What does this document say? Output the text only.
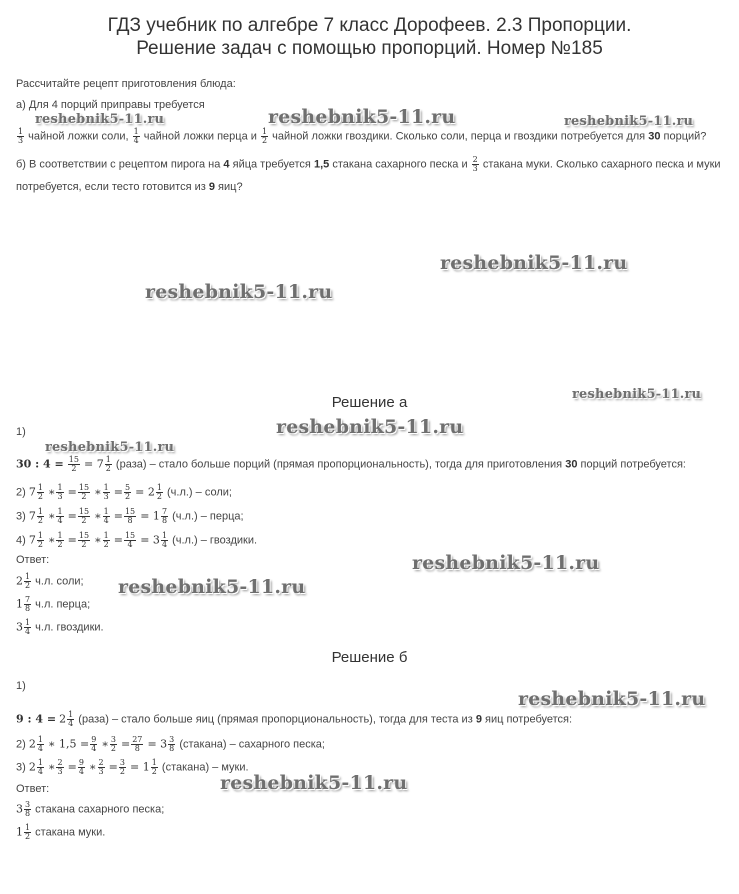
ГДЗ учебник по алгебре 7 класс Дорофеев. 2.3 Пропорции.
Решение задач с помощью пропорций. Номер №185
Рассчитайте рецепт приготовления блюда:
а) Для 4 порций приправы требуется
$\frac{1}{3}$ чайной ложки соли, $\frac{1}{4}$ чайной ложки перца и $\frac{1}{2}$ чайной ложки гвоздики. Сколько соли, перца и гвоздики потребуется для 30 порций?
б) В соответствии с рецептом пирога на 4 яйца требуется 1,5 стакана сахарного песка и $\frac{2}{3}$ стакана муки. Сколько сахарного песка и муки
потребуется, если тесто готовится из 9 яиц?
Решение а
1)
30 : $4 = \frac{15}{2} = 7 \frac{1}{2}$ (раза) – стало больше порций (прямая пропорциональность), тогда для приготовления 30 порций потребуется:
2) $7 \frac{1}{2}$ ∗ $\frac{1}{3} = \frac{15}{2}$ ∗ $\frac{1}{3} = \frac{5}{2} = 2 \frac{1}{2} (ч.л.)$ – соли;
3) $7 \frac{1}{2}$ ∗ $\frac{1}{4} = \frac{15}{2}$ ∗ $\frac{1}{4} = \frac{15}{8} = 1 \frac{7}{8} (ч.л.)$ – перца;
4) $7 \frac{1}{2}$ ∗ $\frac{1}{2} = \frac{15}{2}$ ∗ $\frac{1}{2} = \frac{15}{4} = 3 \frac{1}{4} (ч.л.)$ – гвоздики.
Ответ:
$2 \frac{1}{2} ч.л$. соли;
$1 \frac{7}{8} ч.л$. перца;
$3 \frac{1}{4} ч.л$. гвоздики.
Решение б
1)
9 : $4 = 2 \frac{1}{4}$ (раза) – стало больше яиц (прямая пропорциональность), тогда для теста из 9 яиц потребуется:
2) $2 \frac{1}{4}$ ∗ $1,5 = \frac{9}{4}$ ∗ $\frac{3}{2} = \frac{27}{8} = 3 \frac{3}{8}$ (стакана) – сахарного песка;
3) $2 \frac{1}{4}$ ∗ $\frac{2}{3} = \frac{9}{4}$ ∗ $\frac{2}{3} = \frac{3}{2} = 1 \frac{1}{2}$ (стакана) – муки.
Ответ:
$3 \frac{3}{8}$ стакана сахарного песка;
$1 \frac{1}{2}$ стакана муки.
reshebnik5-11.ru
reshebnik5-11.ru	reshebnik5-11.ru
reshebnik5-11.ru
reshebnik5-11.ru
reshebnik5-11.ru
reshebnik5-11.ru
reshebnik5-11.ru
reshebnik5-11.ru
reshebnik5-11.ru
reshebnik5-11.ru
reshebnik5-11.ru
